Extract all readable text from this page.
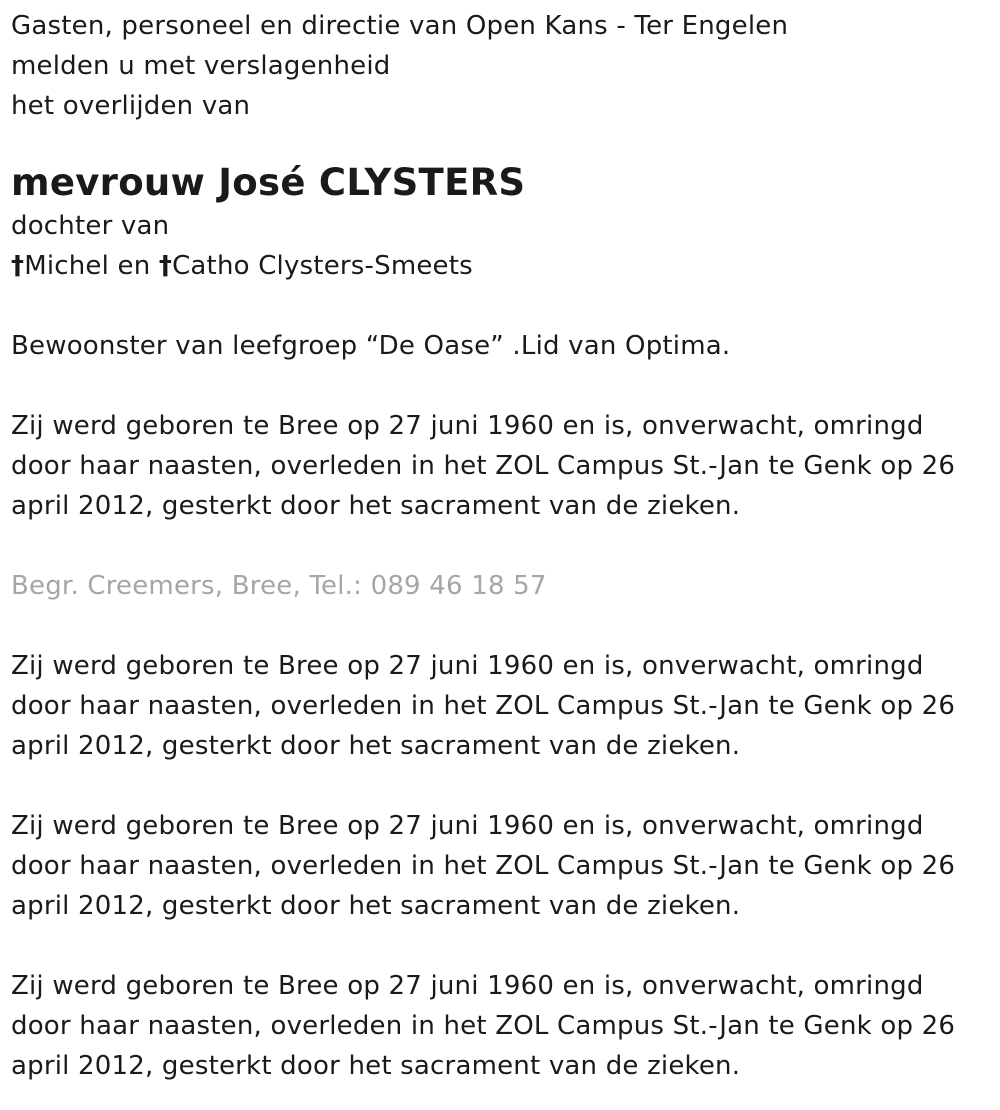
Gasten, personeel en directie van Open Kans - Ter Engelen
melden u met verslagenheid
het overlijden van
mevrouw José CLYSTERS
dochter van
†Michel en †Catho Clysters-Smeets
Bewoonster van leefgroep “De Oase” .Lid van Optima.
Zij werd geboren te Bree op 27 juni 1960 en is, onverwacht, omringd
door haar naasten, overleden in het ZOL Campus St.-Jan te Genk op 26
april 2012, gesterkt door het sacrament van de zieken.
Begr. Creemers, Bree, Tel.: 089 46 18 57
Zij werd geboren te Bree op 27 juni 1960 en is, onverwacht, omringd
door haar naasten, overleden in het ZOL Campus St.-Jan te Genk op 26
april 2012, gesterkt door het sacrament van de zieken.
Zij werd geboren te Bree op 27 juni 1960 en is, onverwacht, omringd
door haar naasten, overleden in het ZOL Campus St.-Jan te Genk op 26
april 2012, gesterkt door het sacrament van de zieken.
Zij werd geboren te Bree op 27 juni 1960 en is, onverwacht, omringd
door haar naasten, overleden in het ZOL Campus St.-Jan te Genk op 26
april 2012, gesterkt door het sacrament van de zieken.
